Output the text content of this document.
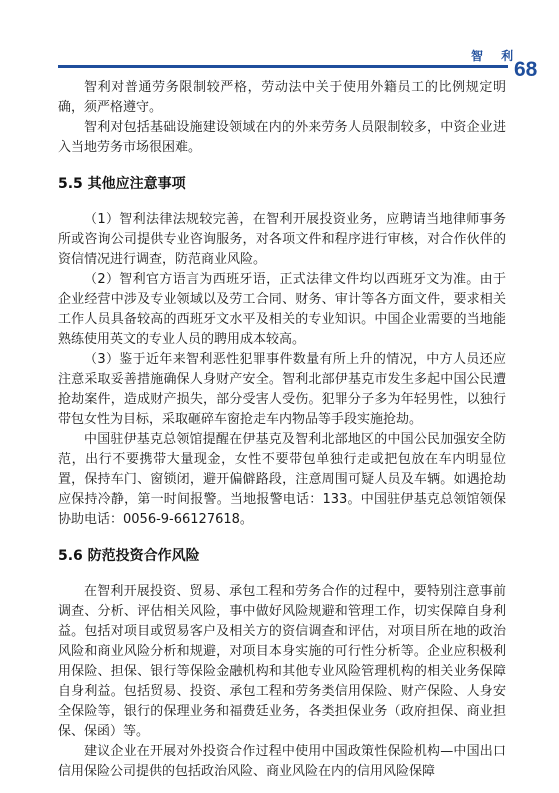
智 利
68

智利对普通劳务限制较严格，劳动法中关于使用外籍员工的比例规定明确，须严格遵守。

智利对包括基础设施建设领域在内的外来劳务人员限制较多，中资企业进入当地劳务市场很困难。

5.5 其他应注意事项

（1）智利法律法规较完善，在智利开展投资业务，应聘请当地律师事务所或咨询公司提供专业咨询服务，对各项文件和程序进行审核，对合作伙伴的资信情况进行调查，防范商业风险。

（2）智利官方语言为西班牙语，正式法律文件均以西班牙文为准。由于企业经营中涉及专业领域以及劳工合同、财务、审计等各方面文件，要求相关工作人员具备较高的西班牙文水平及相关的专业知识。中国企业需要的当地能熟练使用英文的专业人员的聘用成本较高。

（3）鉴于近年来智利恶性犯罪事件数量有所上升的情况，中方人员还应注意采取妥善措施确保人身财产安全。智利北部伊基克市发生多起中国公民遭抢劫案件，造成财产损失，部分受害人受伤。犯罪分子多为年轻男性，以独行带包女性为目标，采取砸碎车窗抢走车内物品等手段实施抢劫。

中国驻伊基克总领馆提醒在伊基克及智利北部地区的中国公民加强安全防范，出行不要携带大量现金，女性不要带包单独行走或把包放在车内明显位置，保持车门、窗锁闭，避开偏僻路段，注意周围可疑人员及车辆。如遇抢劫应保持冷静，第一时间报警。当地报警电话：133。中国驻伊基克总领馆领保协助电话：0056-9-66127618。

5.6 防范投资合作风险

在智利开展投资、贸易、承包工程和劳务合作的过程中，要特别注意事前调查、分析、评估相关风险，事中做好风险规避和管理工作，切实保障自身利益。包括对项目或贸易客户及相关方的资信调查和评估，对项目所在地的政治风险和商业风险分析和规避，对项目本身实施的可行性分析等。企业应积极利用保险、担保、银行等保险金融机构和其他专业风险管理机构的相关业务保障自身利益。包括贸易、投资、承包工程和劳务类信用保险、财产保险、人身安全保险等，银行的保理业务和福费廷业务，各类担保业务（政府担保、商业担保、保函）等。

建议企业在开展对外投资合作过程中使用中国政策性保险机构—中国出口信用保险公司提供的包括政治风险、商业风险在内的信用风险保障
